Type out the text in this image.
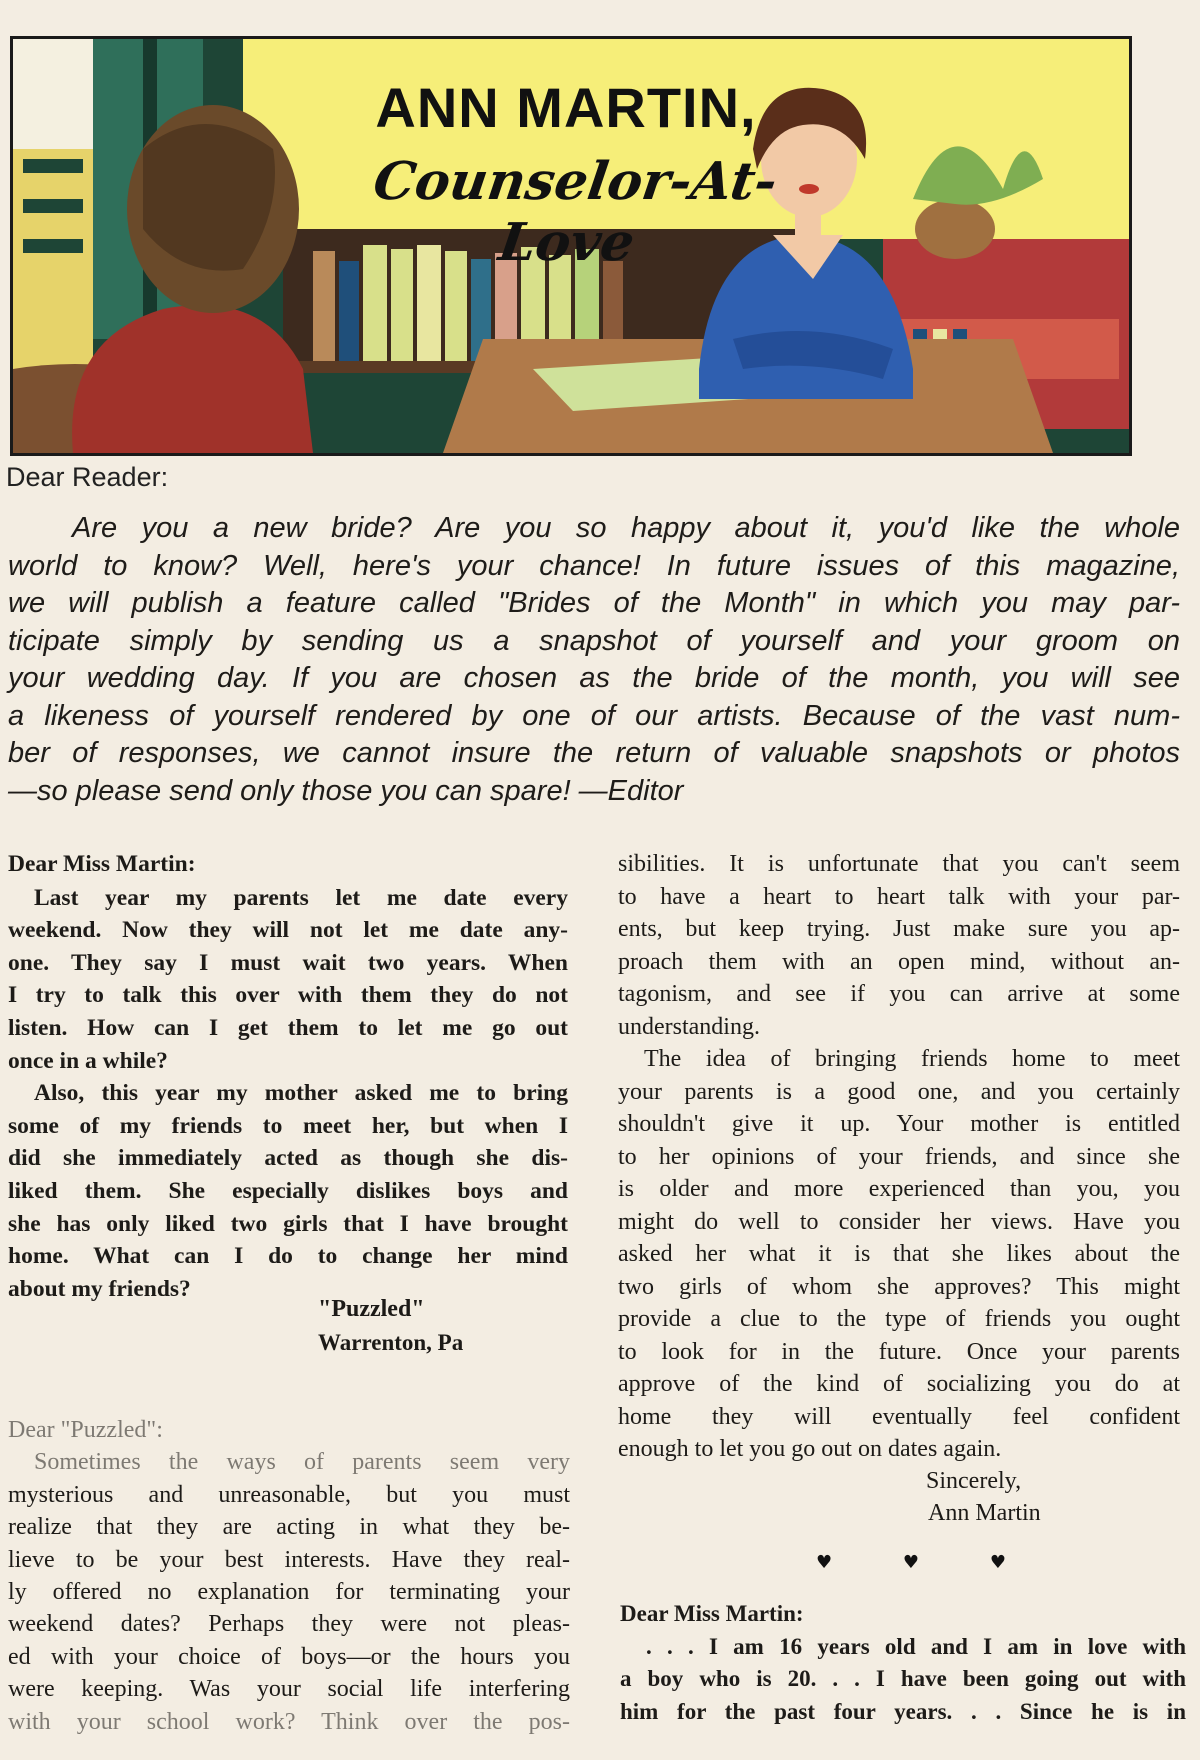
ANN MARTIN,
Counselor-At-Love
Dear Reader:
Are you a new bride? Are you so happy about it, you'd like the whole
world to know? Well, here's your chance! In future issues of this magazine,
we will publish a feature called "Brides of the Month" in which you may par-
ticipate simply by sending us a snapshot of yourself and your groom on
your wedding day. If you are chosen as the bride of the month, you will see
a likeness of yourself rendered by one of our artists. Because of the vast num-
ber of responses, we cannot insure the return of valuable snapshots or photos
—so please send only those you can spare! —Editor
Dear Miss Martin:
Last year my parents let me date every
weekend. Now they will not let me date any-
one. They say I must wait two years. When
I try to talk this over with them they do not
listen. How can I get them to let me go out
once in a while?
Also, this year my mother asked me to bring
some of my friends to meet her, but when I
did she immediately acted as though she dis-
liked them. She especially dislikes boys and
she has only liked two girls that I have brought
home. What can I do to change her mind
about my friends?
"Puzzled"
Warrenton, Pa
Dear "Puzzled":
Sometimes the ways of parents seem very
mysterious and unreasonable, but you must
realize that they are acting in what they be-
lieve to be your best interests. Have they real-
ly offered no explanation for terminating your
weekend dates? Perhaps they were not pleas-
ed with your choice of boys—or the hours you
were keeping. Was your social life interfering
with your school work? Think over the pos-
sibilities. It is unfortunate that you can't seem
to have a heart to heart talk with your par-
ents, but keep trying. Just make sure you ap-
proach them with an open mind, without an-
tagonism, and see if you can arrive at some
understanding.
The idea of bringing friends home to meet
your parents is a good one, and you certainly
shouldn't give it up. Your mother is entitled
to her opinions of your friends, and since she
is older and more experienced than you, you
might do well to consider her views. Have you
asked her what it is that she likes about the
two girls of whom she approves? This might
provide a clue to the type of friends you ought
to look for in the future. Once your parents
approve of the kind of socializing you do at
home they will eventually feel confident
enough to let you go out on dates again.
Sincerely,
Ann Martin
♥	♥	♥
Dear Miss Martin:
. . . I am 16 years old and I am in love with
a boy who is 20. . . I have been going out with
him for the past four years. . . Since he is in
